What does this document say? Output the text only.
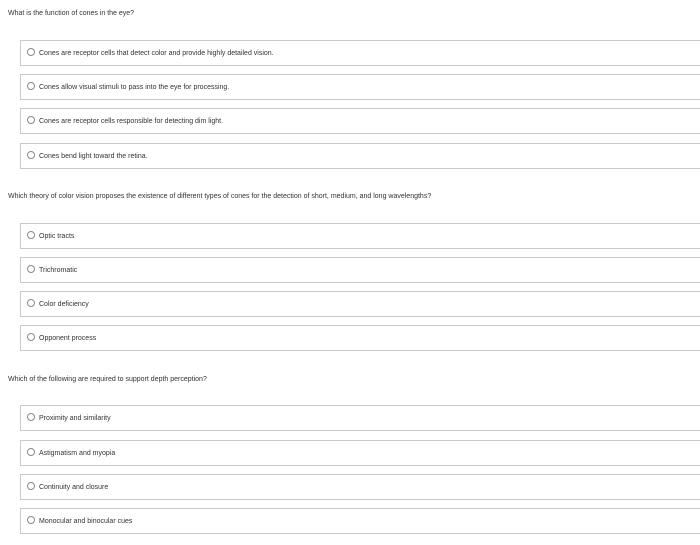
What is the function of cones in the eye?
Cones are receptor cells that detect color and provide highly detailed vision.
Cones allow visual stimuli to pass into the eye for processing.
Cones are receptor cells responsible for detecting dim light.
Cones bend light toward the retina.
Which theory of color vision proposes the existence of different types of cones for the detection of short, medium, and long wavelengths?
Optic tracts
Trichromatic
Color deficiency
Opponent process
Which of the following are required to support depth perception?
Proximity and similarity
Astigmatism and myopia
Continuity and closure
Monocular and binocular cues
